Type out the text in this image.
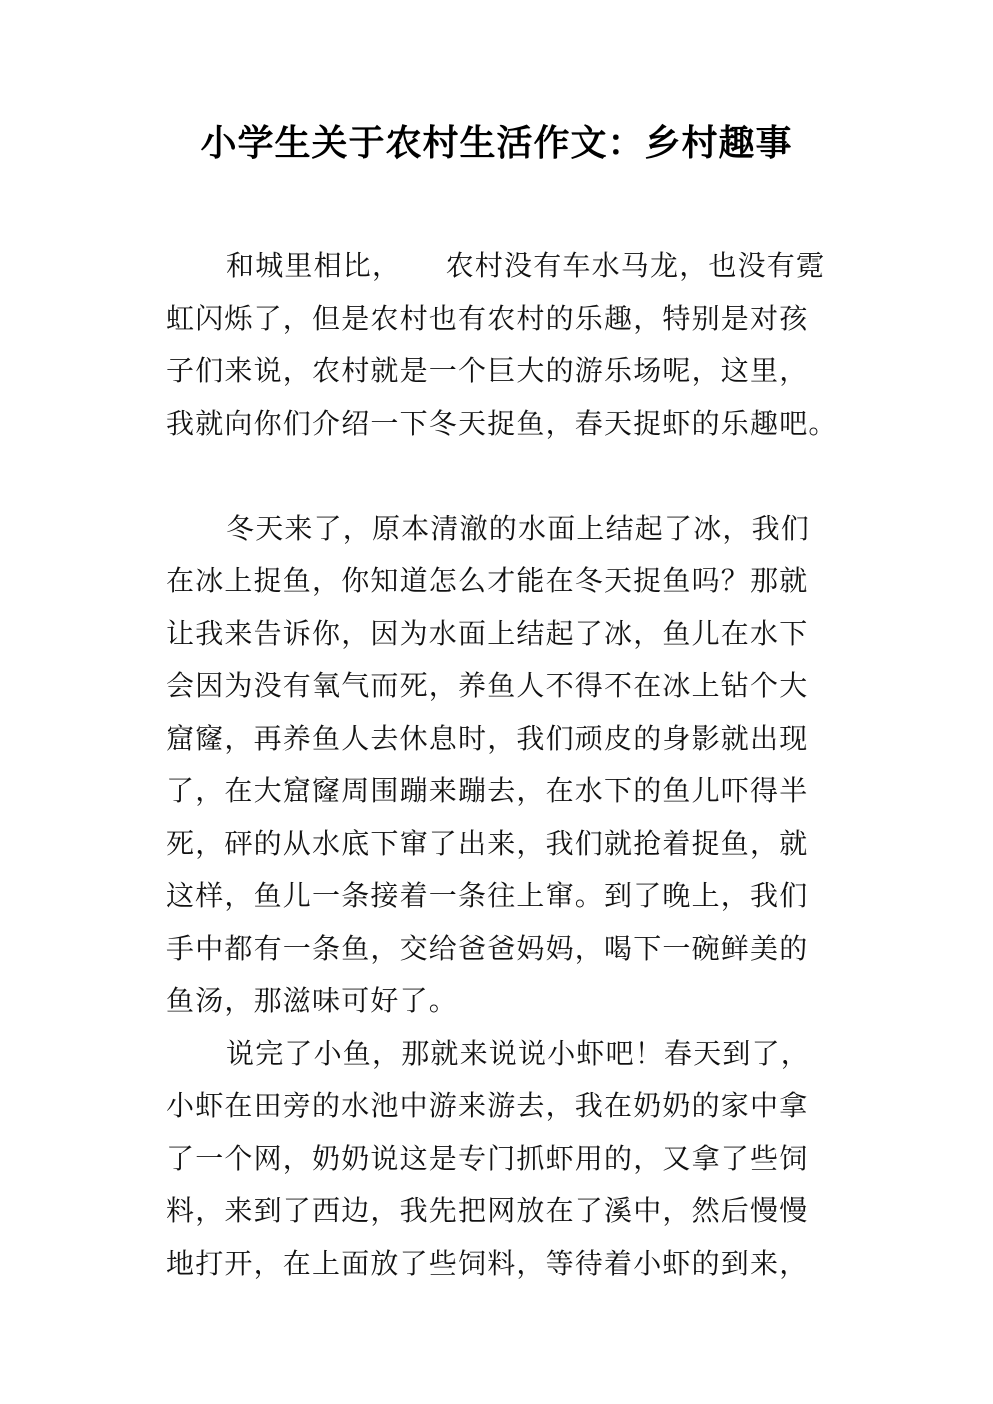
小学生关于农村生活作文：乡村趣事
和城里相比，　　农村没有车水马龙，也没有霓
虹闪烁了，但是农村也有农村的乐趣，特别是对孩
子们来说，农村就是一个巨大的游乐场呢，这里，
我就向你们介绍一下冬天捉鱼，春天捉虾的乐趣吧。
冬天来了，原本清澈的水面上结起了冰，我们
在冰上捉鱼，你知道怎么才能在冬天捉鱼吗？那就
让我来告诉你，因为水面上结起了冰，鱼儿在水下
会因为没有氧气而死，养鱼人不得不在冰上钻个大
窟窿，再养鱼人去休息时，我们顽皮的身影就出现
了，在大窟窿周围蹦来蹦去，在水下的鱼儿吓得半
死，砰的从水底下窜了出来，我们就抢着捉鱼，就
这样，鱼儿一条接着一条往上窜。到了晚上，我们
手中都有一条鱼，交给爸爸妈妈，喝下一碗鲜美的
鱼汤，那滋味可好了。
说完了小鱼，那就来说说小虾吧！春天到了，
小虾在田旁的水池中游来游去，我在奶奶的家中拿
了一个网，奶奶说这是专门抓虾用的，又拿了些饲
料，来到了西边，我先把网放在了溪中，然后慢慢
地打开，在上面放了些饲料，等待着小虾的到来，
